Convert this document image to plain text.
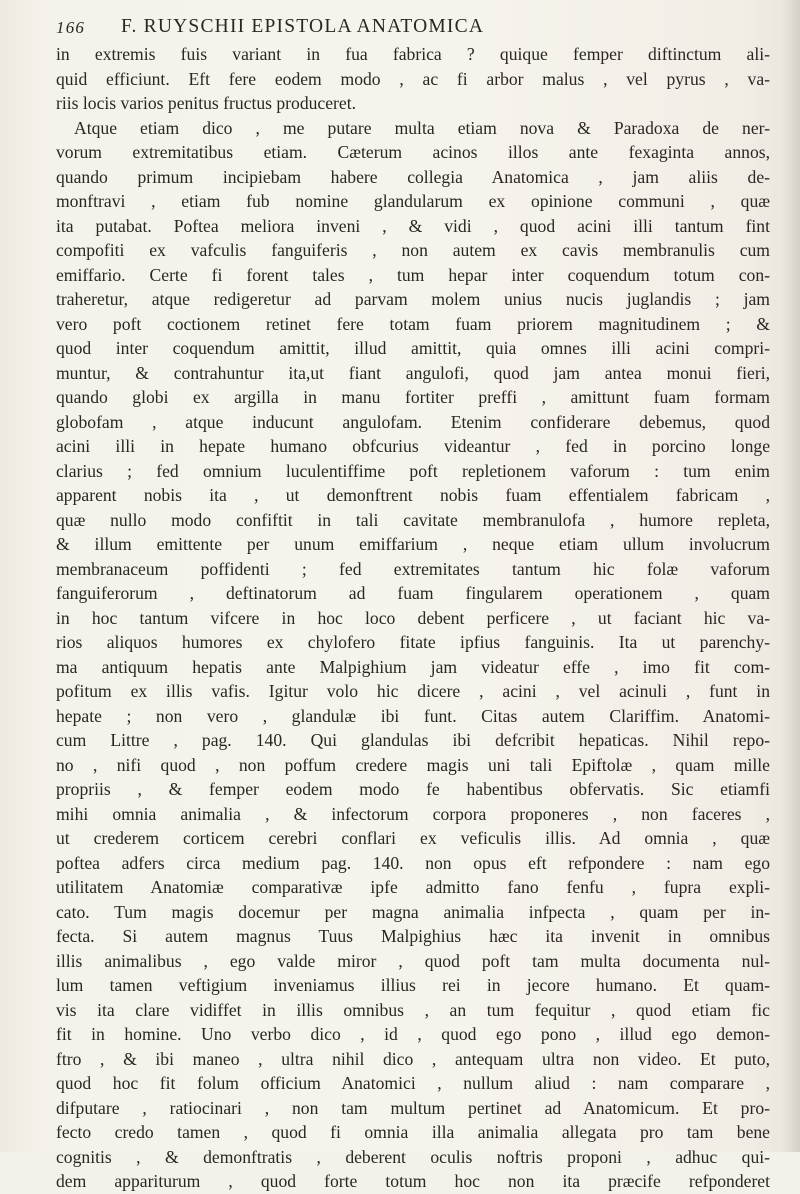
166 F. RUYSCHII EPISTOLA ANATOMICA
in extremis fuis variant in fua fabrica ? quique femper diftinctum ali-
quid efficiunt. Eft fere eodem modo , ac fi arbor malus , vel pyrus , va-
riis locis varios penitus fructus produceret.
Atque etiam dico , me putare multa etiam nova & Paradoxa de ner-
vorum extremitatibus etiam. Cæterum acinos illos ante fexaginta annos,
quando primum incipiebam habere collegia Anatomica , jam aliis de-
monftravi , etiam fub nomine glandularum ex opinione communi , quæ
ita putabat. Poftea meliora inveni , & vidi , quod acini illi tantum fint
compofiti ex vafculis fanguiferis , non autem ex cavis membranulis cum
emiffario. Certe fi forent tales , tum hepar inter coquendum totum con-
traheretur, atque redigeretur ad parvam molem unius nucis juglandis ; jam
vero poft coctionem retinet fere totam fuam priorem magnitudinem ; &
quod inter coquendum amittit, illud amittit, quia omnes illi acini compri-
muntur, & contrahuntur ita,ut fiant angulofi, quod jam antea monui fieri,
quando globi ex argilla in manu fortiter preffi , amittunt fuam formam
globofam , atque inducunt angulofam. Etenim confiderare debemus, quod
acini illi in hepate humano obfcurius videantur , fed in porcino longe
clarius ; fed omnium luculentiffime poft repletionem vaforum : tum enim
apparent nobis ita , ut demonftrent nobis fuam effentialem fabricam ,
quæ nullo modo confiftit in tali cavitate membranulofa , humore repleta,
& illum emittente per unum emiffarium , neque etiam ullum involucrum
membranaceum poffidenti ; fed extremitates tantum hic folæ vaforum
fanguiferorum , deftinatorum ad fuam fingularem operationem , quam
in hoc tantum vifcere in hoc loco debent perficere , ut faciant hic va-
rios aliquos humores ex chylofero fitate ipfius fanguinis. Ita ut parenchy-
ma antiquum hepatis ante Malpighium jam videatur effe , imo fit com-
pofitum ex illis vafis. Igitur volo hic dicere , acini , vel acinuli , funt in
hepate ; non vero , glandulæ ibi funt. Citas autem Clariffim. Anatomi-
cum Littre , pag. 140. Qui glandulas ibi defcribit hepaticas. Nihil repo-
no , nifi quod , non poffum credere magis uni tali Epiftolæ , quam mille
propriis , & femper eodem modo fe habentibus obfervatis. Sic etiamfi
mihi omnia animalia , & infectorum corpora proponeres , non faceres ,
ut crederem corticem cerebri conflari ex veficulis illis. Ad omnia , quæ
poftea adfers circa medium pag. 140. non opus eft refpondere : nam ego
utilitatem Anatomiæ comparativæ ipfe admitto fano fenfu , fupra expli-
cato. Tum magis docemur per magna animalia infpecta , quam per in-
fecta. Si autem magnus Tuus Malpighius hæc ita invenit in omnibus
illis animalibus , ego valde miror , quod poft tam multa documenta nul-
lum tamen veftigium inveniamus illius rei in jecore humano. Et quam-
vis ita clare vidiffet in illis omnibus , an tum fequitur , quod etiam fic
fit in homine. Uno verbo dico , id , quod ego pono , illud ego demon-
ftro , & ibi maneo , ultra nihil dico , antequam ultra non video. Et puto,
quod hoc fit folum officium Anatomici , nullum aliud : nam comparare ,
difputare , ratiocinari , non tam multum pertinet ad Anatomicum. Et pro-
fecto credo tamen , quod fi omnia illa animalia allegata pro tam bene
cognitis , & demonftratis , deberent oculis noftris proponi , adhuc qui-
dem appariturum , quod forte totum hoc non ita præcife refponderet
